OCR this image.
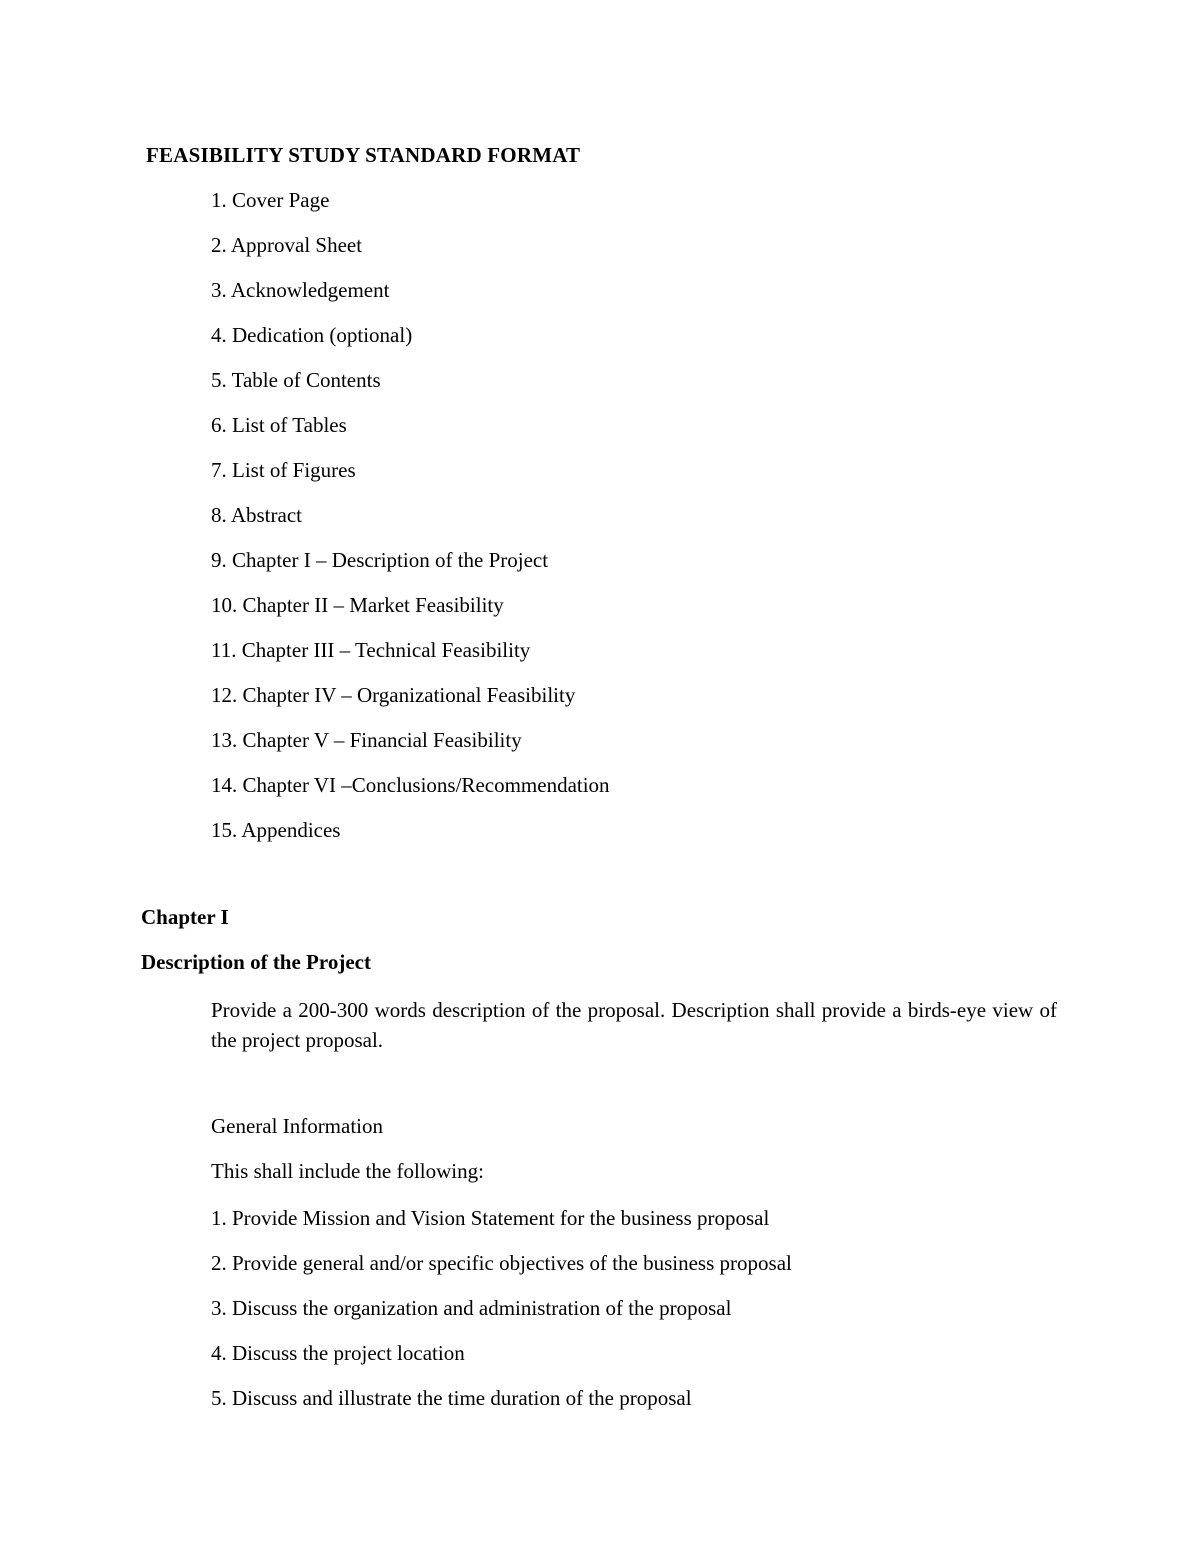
FEASIBILITY STUDY STANDARD FORMAT
1. Cover Page
2. Approval Sheet
3. Acknowledgement
4. Dedication (optional)
5. Table of Contents
6. List of Tables
7. List of Figures
8. Abstract
9. Chapter I – Description of the Project
10. Chapter II – Market Feasibility
11. Chapter III – Technical Feasibility
12. Chapter IV – Organizational Feasibility
13. Chapter V – Financial Feasibility
14. Chapter VI –Conclusions/Recommendation
15. Appendices
Chapter I
Description of the Project
Provide a 200-300 words description of the proposal. Description shall provide a birds-eye view of the project proposal.
General Information
This shall include the following:
1. Provide Mission and Vision Statement for the business proposal
2. Provide general and/or specific objectives of the business proposal
3. Discuss the organization and administration of the proposal
4. Discuss the project location
5. Discuss and illustrate the time duration of the proposal
